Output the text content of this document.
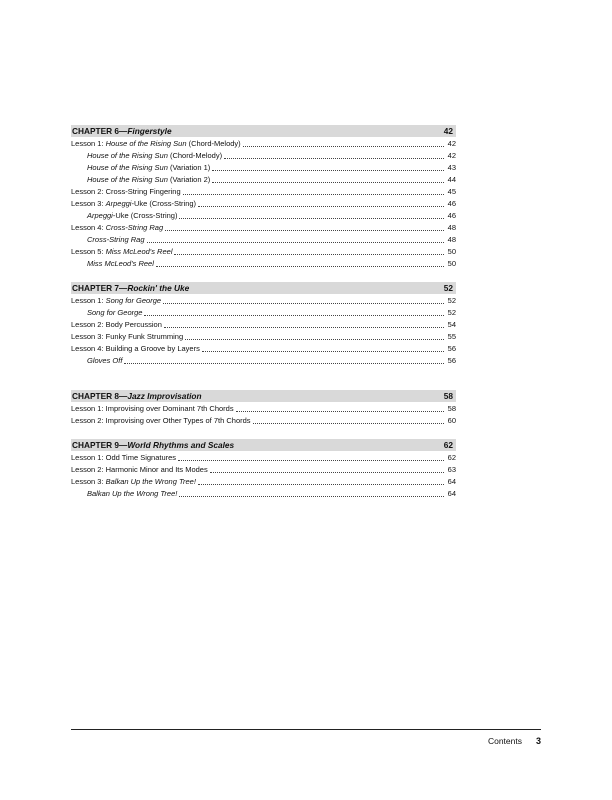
CHAPTER 6—Fingerstyle	42
Lesson 1: House of the Rising Sun (Chord-Melody)	42
House of the Rising Sun (Chord-Melody)	42
House of the Rising Sun (Variation 1)	43
House of the Rising Sun (Variation 2)	44
Lesson 2: Cross-String Fingering	45
Lesson 3: Arpeggi-Uke (Cross-String)	46
Arpeggi-Uke (Cross-String)	46
Lesson 4: Cross-String Rag	48
Cross-String Rag	48
Lesson 5: Miss McLeod's Reel	50
Miss McLeod's Reel	50
CHAPTER 7—Rockin' the Uke	52
Lesson 1: Song for George	52
Song for George	52
Lesson 2: Body Percussion	54
Lesson 3: Funky Funk Strumming	55
Lesson 4: Building a Groove by Layers	56
Gloves Off	56
CHAPTER 8—Jazz Improvisation	58
Lesson 1: Improvising over Dominant 7th Chords	58
Lesson 2: Improvising over Other Types of 7th Chords	60
CHAPTER 9—World Rhythms and Scales	62
Lesson 1: Odd Time Signatures	62
Lesson 2: Harmonic Minor and Its Modes	63
Lesson 3: Balkan Up the Wrong Tree!	64
Balkan Up the Wrong Tree!	64
Contents 3
